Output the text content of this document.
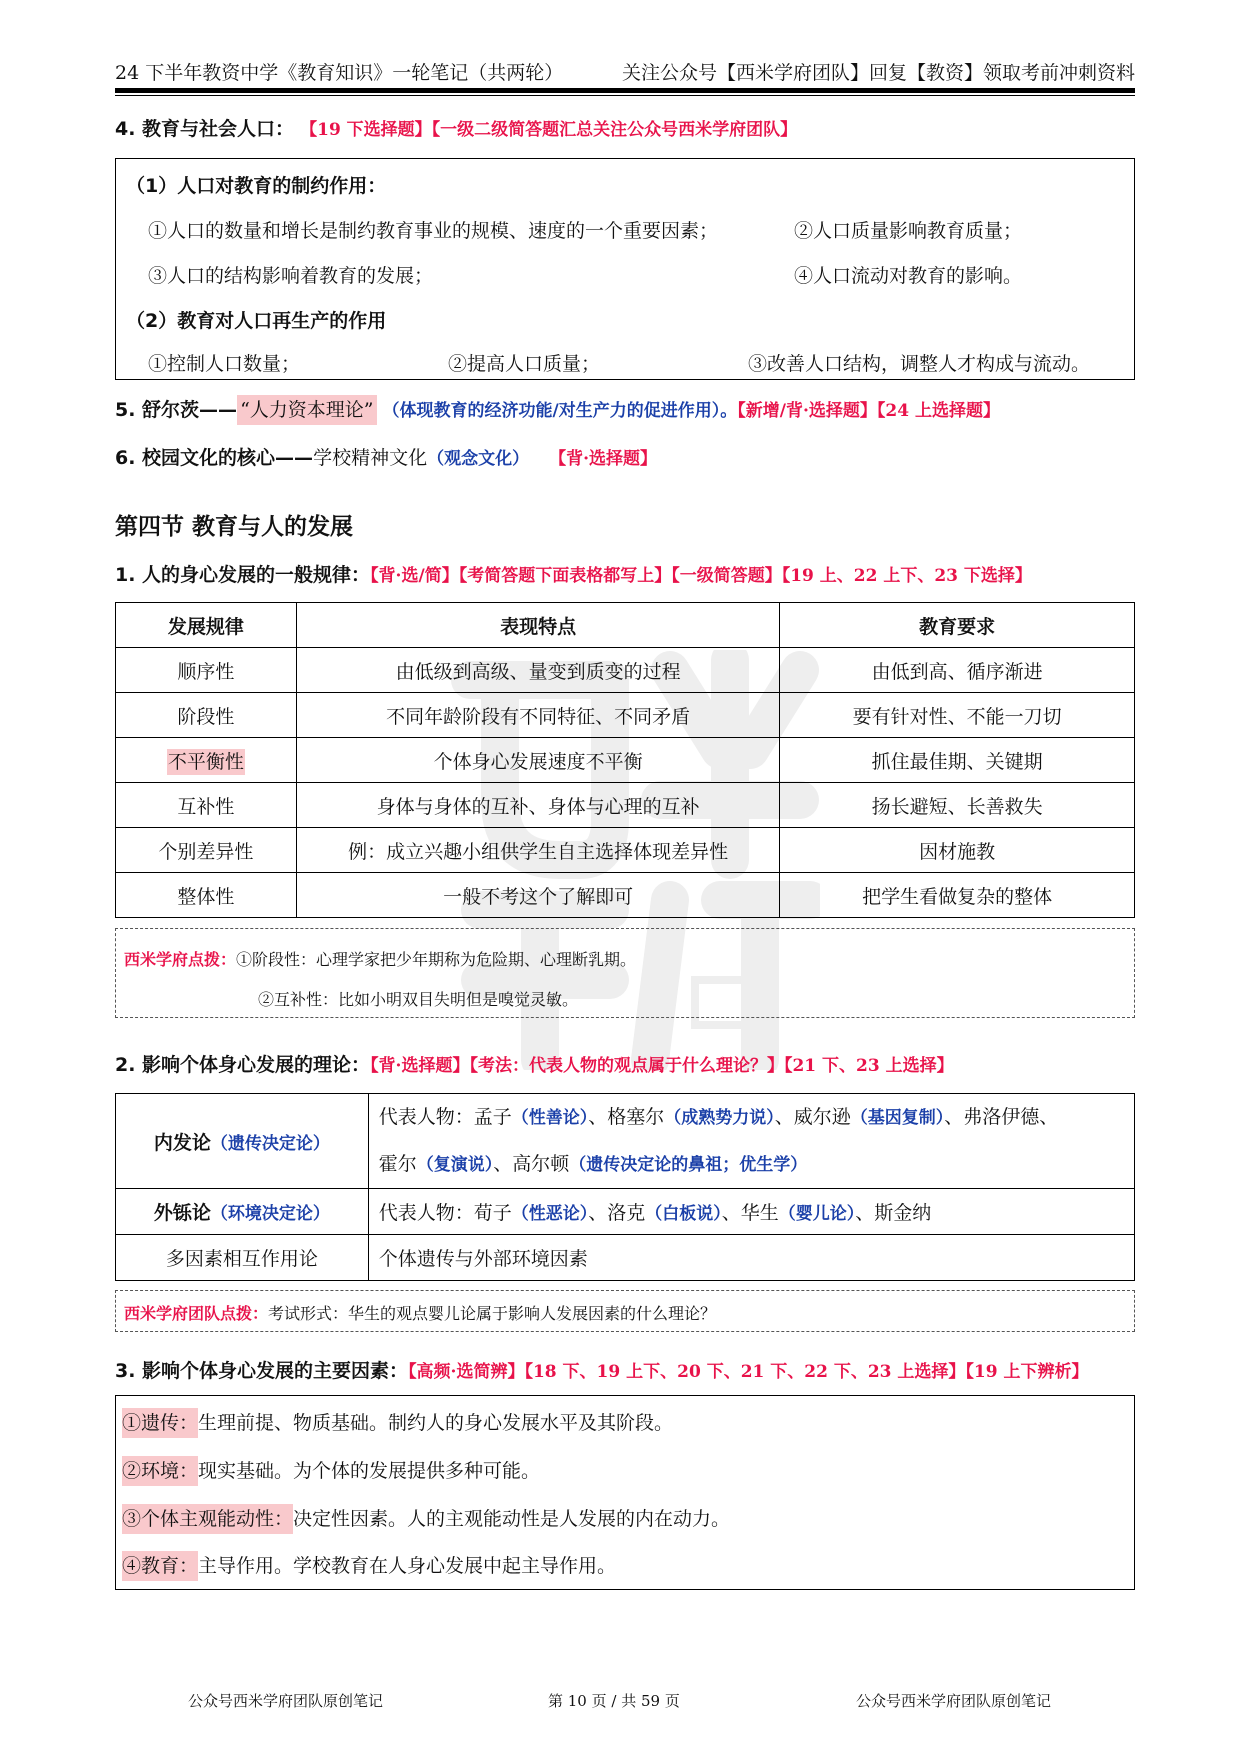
24 下半年教资中学《教育知识》一轮笔记（共两轮）	关注公众号【西米学府团队】回复【教资】领取考前冲刺资料
4. 教育与社会人口： 【19 下选择题】【一级二级简答题汇总关注公众号西米学府团队】
（1）人口对教育的制约作用：
①人口的数量和增长是制约教育事业的规模、速度的一个重要因素；	②人口质量影响教育质量；
③人口的结构影响着教育的发展；	④人口流动对教育的影响。
（2）教育对人口再生产的作用
①控制人口数量；	②提高人口质量；	③改善人口结构，调整人才构成与流动。
5. 舒尔茨—— “人力资本理论” （体现教育的经济功能/对生产力的促进作用）。【新增/背·选择题】【24 上选择题】
6. 校园文化的核心——学校精神文化（观念文化） 【背·选择题】
第四节 教育与人的发展
1. 人的身心发展的一般规律：【背·选/简】【考简答题下面表格都写上】【一级简答题】【19 上、22 上下、23 下选择】
发展规律	表现特点	教育要求
顺序性	由低级到高级、量变到质变的过程	由低到高、循序渐进
阶段性	不同年龄阶段有不同特征、不同矛盾	要有针对性、不能一刀切
不平衡性	个体身心发展速度不平衡	抓住最佳期、关键期
互补性	身体与身体的互补、身体与心理的互补	扬长避短、长善救失
个别差异性	例：成立兴趣小组供学生自主选择体现差异性	因材施教
整体性	一般不考这个了解即可	把学生看做复杂的整体
西米学府点拨：①阶段性：心理学家把少年期称为危险期、心理断乳期。
②互补性：比如小明双目失明但是嗅觉灵敏。
2. 影响个体身心发展的理论：【背·选择题】【考法：代表人物的观点属于什么理论？】【21 下、23 上选择】
内发论（遗传决定论）	代表人物：孟子（性善论）、格塞尔（成熟势力说）、威尔逊（基因复制）、弗洛伊德、
霍尔（复演说）、高尔顿（遗传决定论的鼻祖；优生学）

外铄论（环境决定论）	代表人物：荀子（性恶论）、洛克（白板说）、华生（婴儿论）、斯金纳
多因素相互作用论	个体遗传与外部环境因素
西米学府团队点拨：考试形式：华生的观点婴儿论属于影响人发展因素的什么理论？
3. 影响个体身心发展的主要因素：【高频·选简辨】【18 下、19 上下、20 下、21 下、22 下、23 上选择】【19 上下辨析】
①遗传：生理前提、物质基础。制约人的身心发展水平及其阶段。
②环境：现实基础。为个体的发展提供多种可能。
③个体主观能动性：决定性因素。人的主观能动性是人发展的内在动力。
④教育：主导作用。学校教育在人身心发展中起主导作用。
公众号西米学府团队原创笔记	第 10 页 / 共 59 页	公众号西米学府团队原创笔记
